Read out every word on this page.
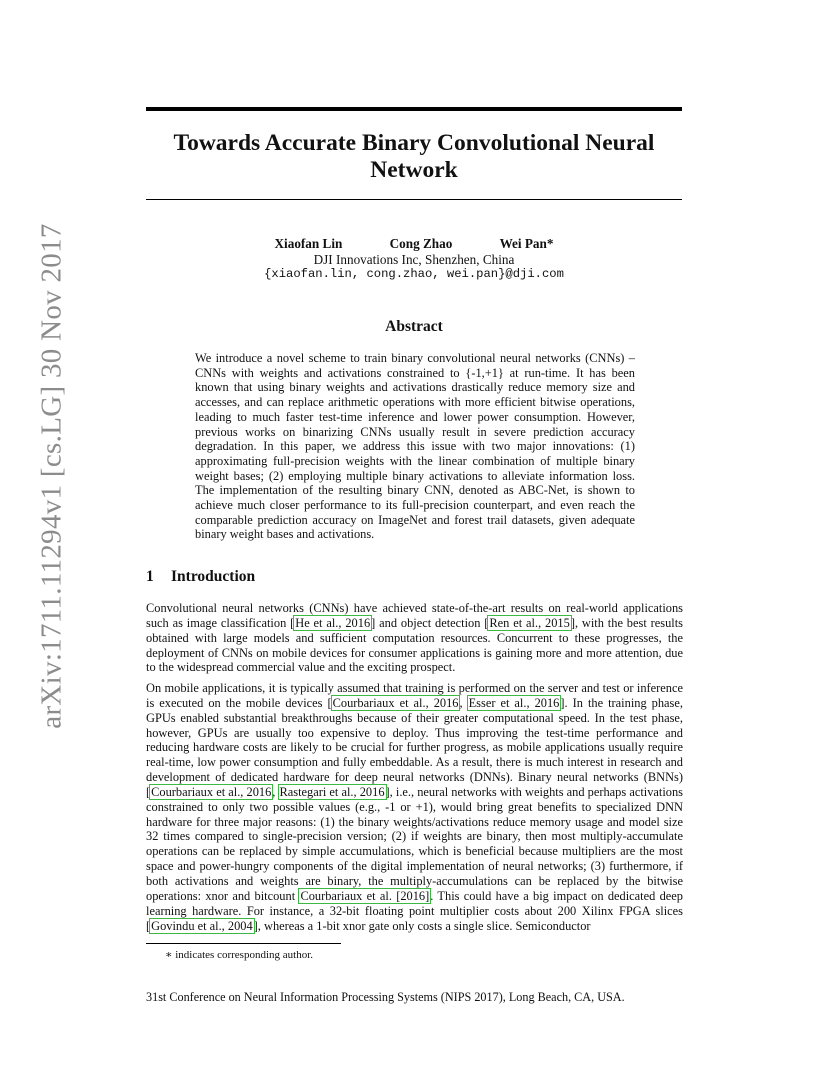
arXiv:1711.11294v1 [cs.LG] 30 Nov 2017
Towards Accurate Binary Convolutional Neural Network
Xiaofan Lin	Cong Zhao	Wei Pan*
DJI Innovations Inc, Shenzhen, China
{xiaofan.lin, cong.zhao, wei.pan}@dji.com
Abstract
We introduce a novel scheme to train binary convolutional neural networks (CNNs) – CNNs with weights and activations constrained to {-1,+1} at run-time. It has been known that using binary weights and activations drastically reduce memory size and accesses, and can replace arithmetic operations with more efficient bitwise operations, leading to much faster test-time inference and lower power consumption. However, previous works on binarizing CNNs usually result in severe prediction accuracy degradation. In this paper, we address this issue with two major innovations: (1) approximating full-precision weights with the linear combination of multiple binary weight bases; (2) employing multiple binary activations to alleviate information loss. The implementation of the resulting binary CNN, denoted as ABC-Net, is shown to achieve much closer performance to its full-precision counterpart, and even reach the comparable prediction accuracy on ImageNet and forest trail datasets, given adequate binary weight bases and activations.
1 Introduction
Convolutional neural networks (CNNs) have achieved state-of-the-art results on real-world applications such as image classification [He et al., 2016] and object detection [Ren et al., 2015], with the best results obtained with large models and sufficient computation resources. Concurrent to these progresses, the deployment of CNNs on mobile devices for consumer applications is gaining more and more attention, due to the widespread commercial value and the exciting prospect.
On mobile applications, it is typically assumed that training is performed on the server and test or inference is executed on the mobile devices [Courbariaux et al., 2016, Esser et al., 2016]. In the training phase, GPUs enabled substantial breakthroughs because of their greater computational speed. In the test phase, however, GPUs are usually too expensive to deploy. Thus improving the test-time performance and reducing hardware costs are likely to be crucial for further progress, as mobile applications usually require real-time, low power consumption and fully embeddable. As a result, there is much interest in research and development of dedicated hardware for deep neural networks (DNNs). Binary neural networks (BNNs) [Courbariaux et al., 2016, Rastegari et al., 2016], i.e., neural networks with weights and perhaps activations constrained to only two possible values (e.g., -1 or +1), would bring great benefits to specialized DNN hardware for three major reasons: (1) the binary weights/activations reduce memory usage and model size 32 times compared to single-precision version; (2) if weights are binary, then most multiply-accumulate operations can be replaced by simple accumulations, which is beneficial because multipliers are the most space and power-hungry components of the digital implementation of neural networks; (3) furthermore, if both activations and weights are binary, the multiply-accumulations can be replaced by the bitwise operations: xnor and bitcount Courbariaux et al. [2016]. This could have a big impact on dedicated deep learning hardware. For instance, a 32-bit floating point multiplier costs about 200 Xilinx FPGA slices [Govindu et al., 2004], whereas a 1-bit xnor gate only costs a single slice. Semiconductor
∗ indicates corresponding author.
31st Conference on Neural Information Processing Systems (NIPS 2017), Long Beach, CA, USA.
